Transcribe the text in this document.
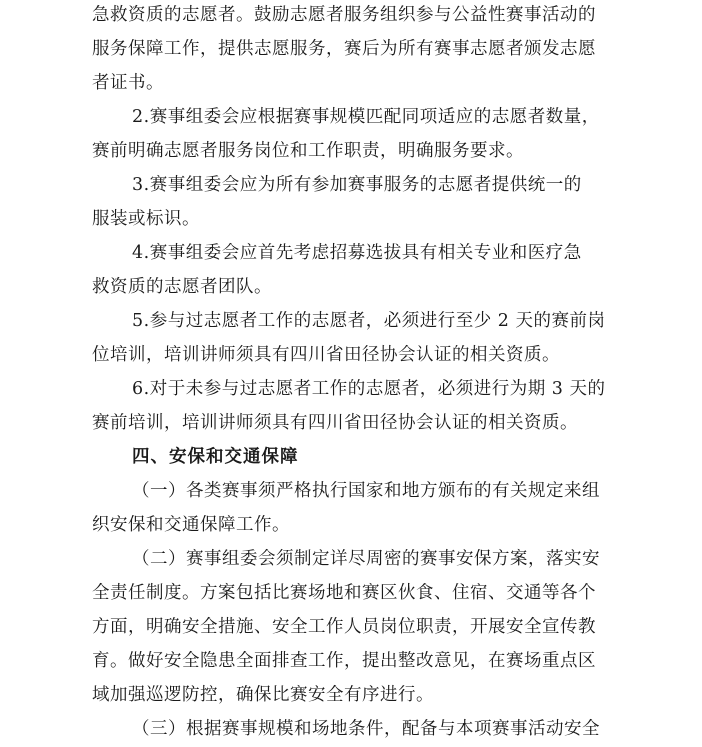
急救资质的志愿者。鼓励志愿者服务组织参与公益性赛事活动的
服务保障工作，提供志愿服务，赛后为所有赛事志愿者颁发志愿
者证书。
2.赛事组委会应根据赛事规模匹配同项适应的志愿者数量，
赛前明确志愿者服务岗位和工作职责，明确服务要求。
3.赛事组委会应为所有参加赛事服务的志愿者提供统一的
服装或标识。
4.赛事组委会应首先考虑招募选拔具有相关专业和医疗急
救资质的志愿者团队。
5.参与过志愿者工作的志愿者，必须进行至少 2 天的赛前岗
位培训，培训讲师须具有四川省田径协会认证的相关资质。
6.对于未参与过志愿者工作的志愿者，必须进行为期 3 天的
赛前培训，培训讲师须具有四川省田径协会认证的相关资质。
四、安保和交通保障
（一）各类赛事须严格执行国家和地方颁布的有关规定来组
织安保和交通保障工作。
（二）赛事组委会须制定详尽周密的赛事安保方案，落实安
全责任制度。方案包括比赛场地和赛区伙食、住宿、交通等各个
方面，明确安全措施、安全工作人员岗位职责，开展安全宣传教
育。做好安全隐患全面排查工作，提出整改意见，在赛场重点区
域加强巡逻防控，确保比赛安全有序进行。
（三）根据赛事规模和场地条件，配备与本项赛事活动安全
